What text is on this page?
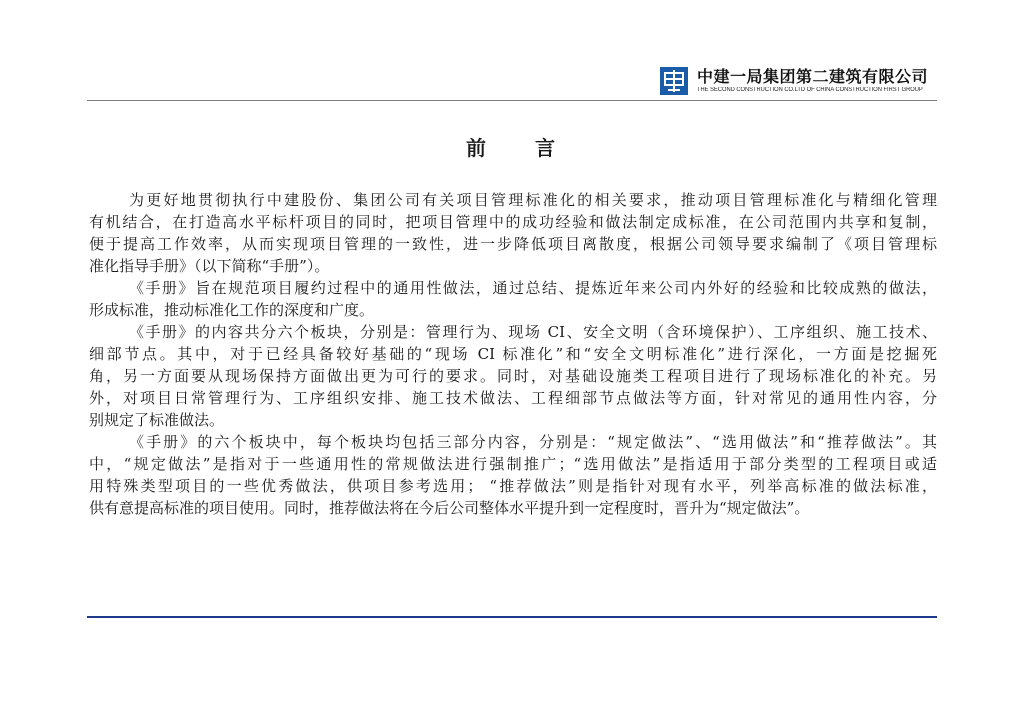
中建一局集团第二建筑有限公司
THE SECOND CONSTRUCTION CO.LTD OF CHINA CONSTRUCTION FIRST GROUP
前　　言
为更好地贯彻执行中建股份、集团公司有关项目管理标准化的相关要求，推动项目管理标准化与精细化管理
有机结合，在打造高水平标杆项目的同时，把项目管理中的成功经验和做法制定成标准，在公司范围内共享和复制，
便于提高工作效率，从而实现项目管理的一致性，进一步降低项目离散度，根据公司领导要求编制了《项目管理标
准化指导手册》（以下简称“手册”）。
《手册》旨在规范项目履约过程中的通用性做法，通过总结、提炼近年来公司内外好的经验和比较成熟的做法，
形成标准，推动标准化工作的深度和广度。
《手册》的内容共分六个板块，分别是：管理行为、现场 CI、安全文明（含环境保护）、工序组织、施工技术、
细部节点。其中，对于已经具备较好基础的“现场 CI 标准化”和“安全文明标准化”进行深化，一方面是挖掘死
角，另一方面要从现场保持方面做出更为可行的要求。同时，对基础设施类工程项目进行了现场标准化的补充。另
外，对项目日常管理行为、工序组织安排、施工技术做法、工程细部节点做法等方面，针对常见的通用性内容，分
别规定了标准做法。
《手册》的六个板块中，每个板块均包括三部分内容，分别是：“规定做法”、“选用做法”和“推荐做法”。其
中，“规定做法”是指对于一些通用性的常规做法进行强制推广；“选用做法”是指适用于部分类型的工程项目或适
用特殊类型项目的一些优秀做法，供项目参考选用； “推荐做法”则是指针对现有水平，列举高标准的做法标准，
供有意提高标准的项目使用。同时，推荐做法将在今后公司整体水平提升到一定程度时，晋升为“规定做法”。
